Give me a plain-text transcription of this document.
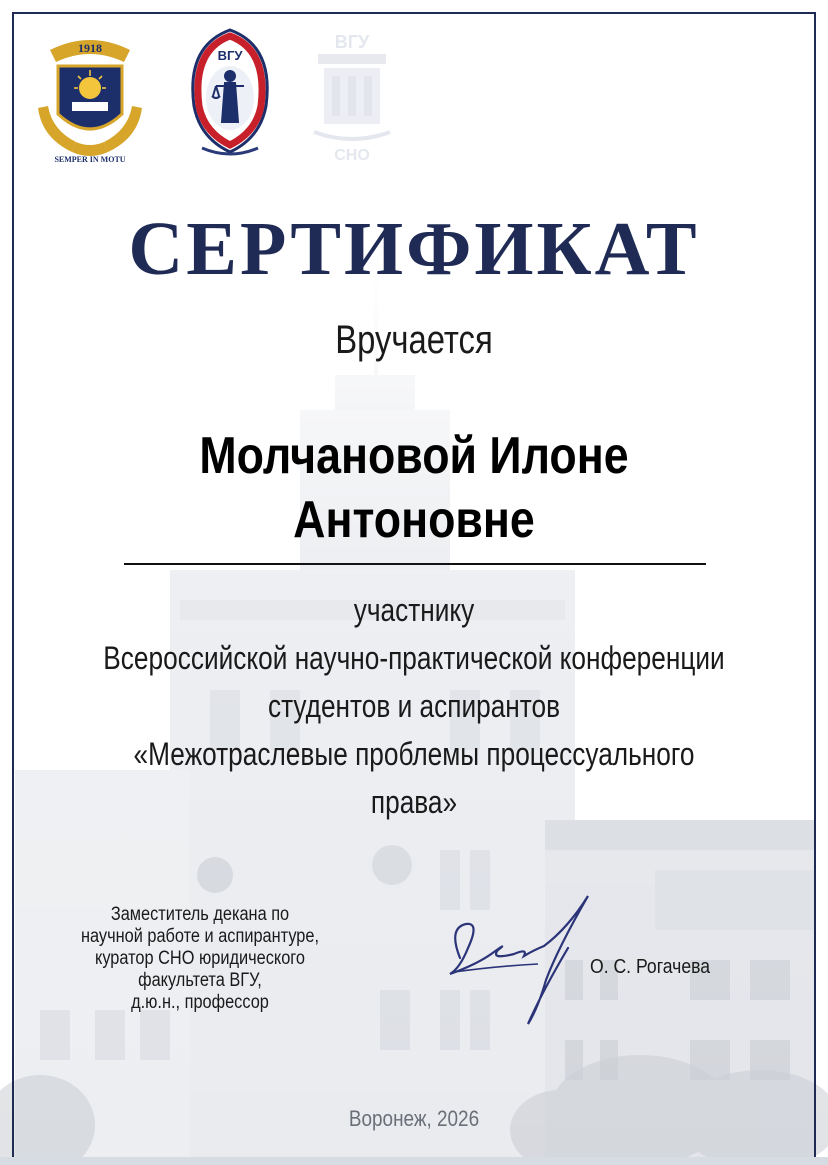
1918
SEMPER IN MOTU
ВГУ
ВГУ
СНО
СЕРТИФИКАТ
Вручается
Молчановой Илоне
Антоновне
участнику
Всероссийской научно-практической конференции
студентов и аспирантов
«Межотраслевые проблемы процессуального
права»
Заместитель декана по
научной работе и аспирантуре,
куратор СНО юридического
факультета ВГУ,
д.ю.н., профессор
О. С. Рогачева
Воронеж, 2026
